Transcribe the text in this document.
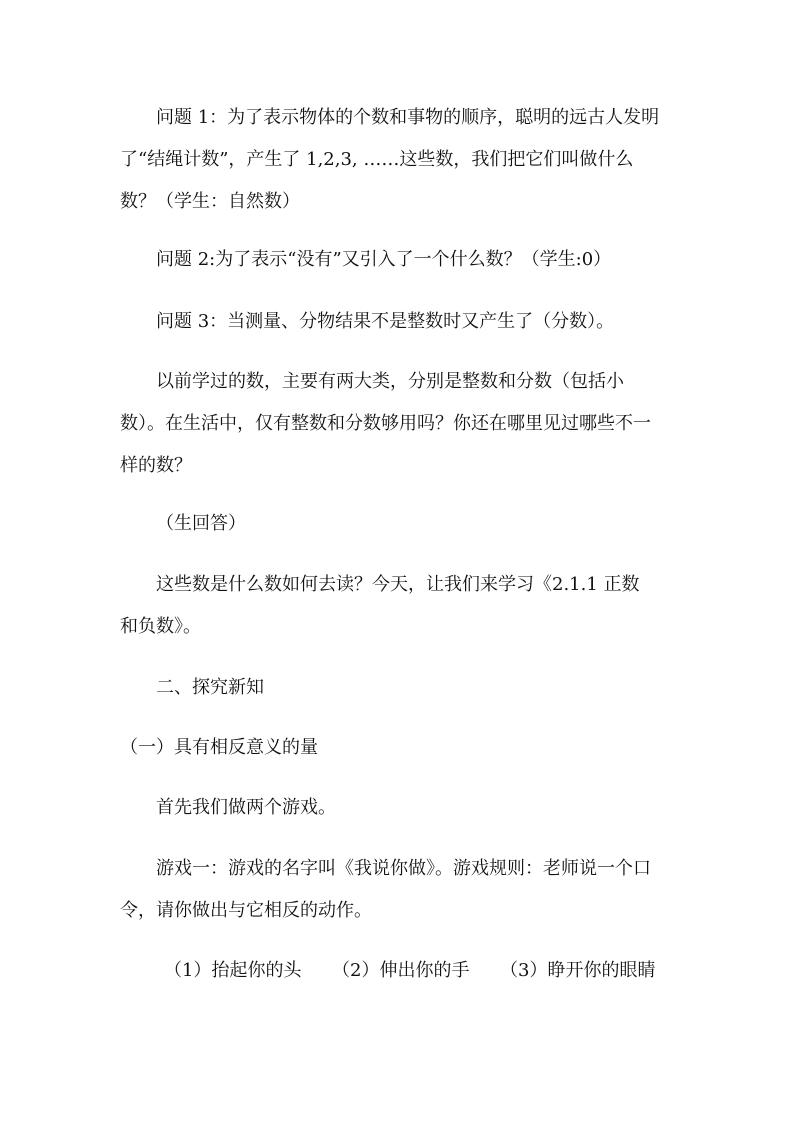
问题 1：为了表示物体的个数和事物的顺序，聪明的远古人发明
了“结绳计数”，产生了 1,2,3, ……这些数，我们把它们叫做什么
数？（学生：自然数）
问题 2:为了表示“没有”又引入了一个什么数？（学生:0）
问题 3：当测量、分物结果不是整数时又产生了（分数）。
以前学过的数，主要有两大类，分别是整数和分数（包括小
数）。在生活中，仅有整数和分数够用吗？你还在哪里见过哪些不一
样的数？
（生回答）
这些数是什么数如何去读？今天，让我们来学习《2.1.1 正数
和负数》。
二、探究新知
（一）具有相反意义的量
首先我们做两个游戏。
游戏一：游戏的名字叫《我说你做》。游戏规则：老师说一个口
令，请你做出与它相反的动作。
（1）抬起你的头 （2）伸出你的手 （3）睁开你的眼睛
